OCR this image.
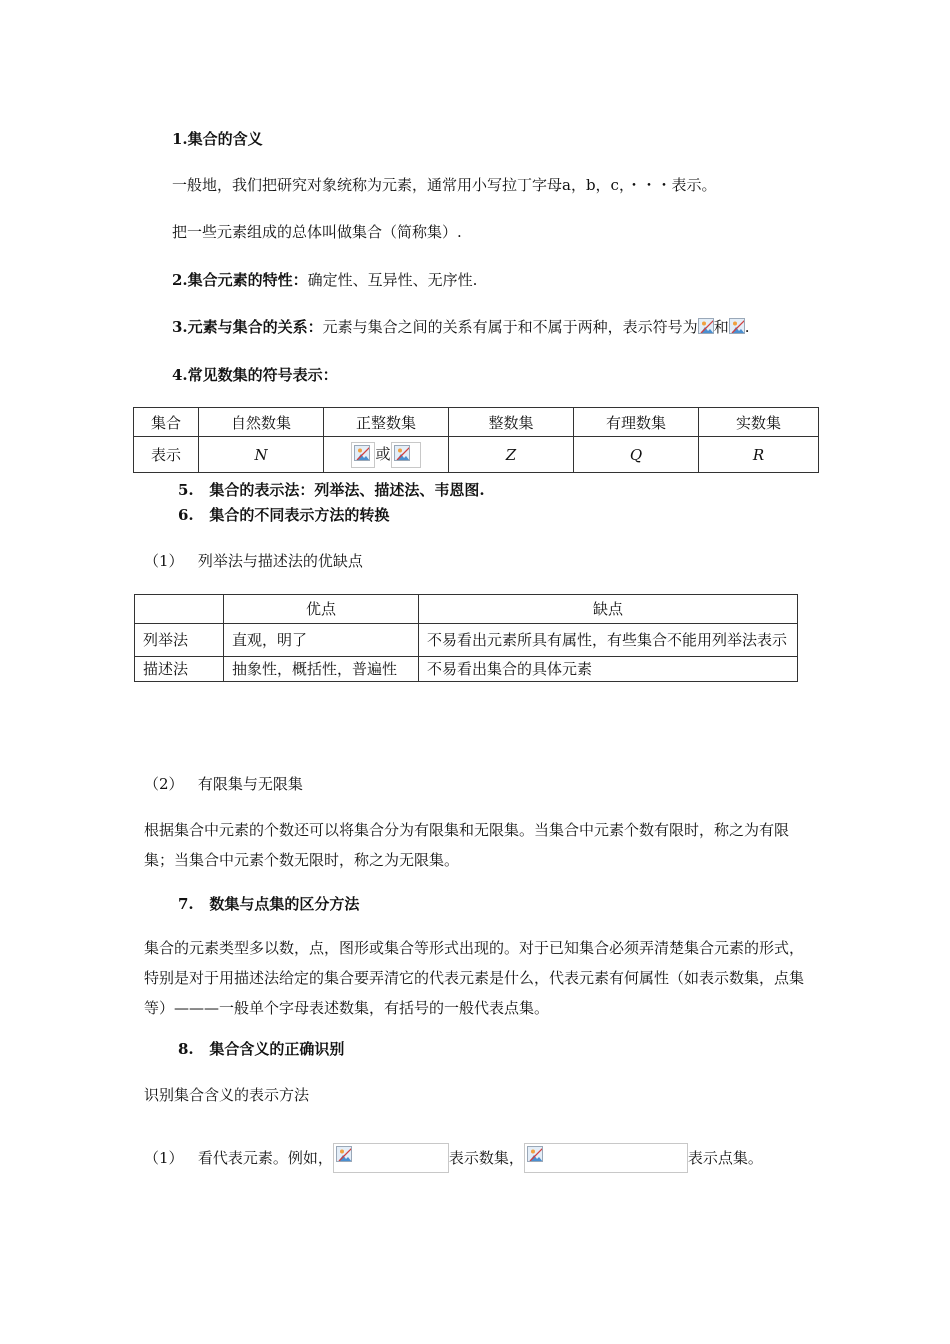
1.集合的含义
一般地，我们把研究对象统称为元素，通常用小写拉丁字母a，b，c，・・・表示。
把一些元素组成的总体叫做集合（简称集）.
2.集合元素的特性：确定性、互异性、无序性.
3.元素与集合的关系：元素与集合之间的关系有属于和不属于两种，表示符号为 和 .
4.常见数集的符号表示：
集合	自然数集	正整数集	整数集	有理数集	实数集
表示	N	或	Z	Q	R
5. 集合的表示法：列举法、描述法、韦恩图.
6. 集合的不同表示方法的转换
（1） 列举法与描述法的优缺点
	优点	缺点
列举法	直观，明了	不易看出元素所具有属性，有些集合不能用列举法表示
描述法	抽象性，概括性，普遍性	不易看出集合的具体元素
（2） 有限集与无限集
根据集合中元素的个数还可以将集合分为有限集和无限集。当集合中元素个数有限时，称之为有限集；当集合中元素个数无限时，称之为无限集。
7. 数集与点集的区分方法
集合的元素类型多以数，点，图形或集合等形式出现的。对于已知集合必须弄清楚集合元素的形式，特别是对于用描述法给定的集合要弄清它的代表元素是什么，代表元素有何属性（如表示数集，点集等）———一般单个字母表述数集，有括号的一般代表点集。
8. 集合含义的正确识别
识别集合含义的表示方法
（1） 看代表元素。例如，	表示数集，	表示点集。
